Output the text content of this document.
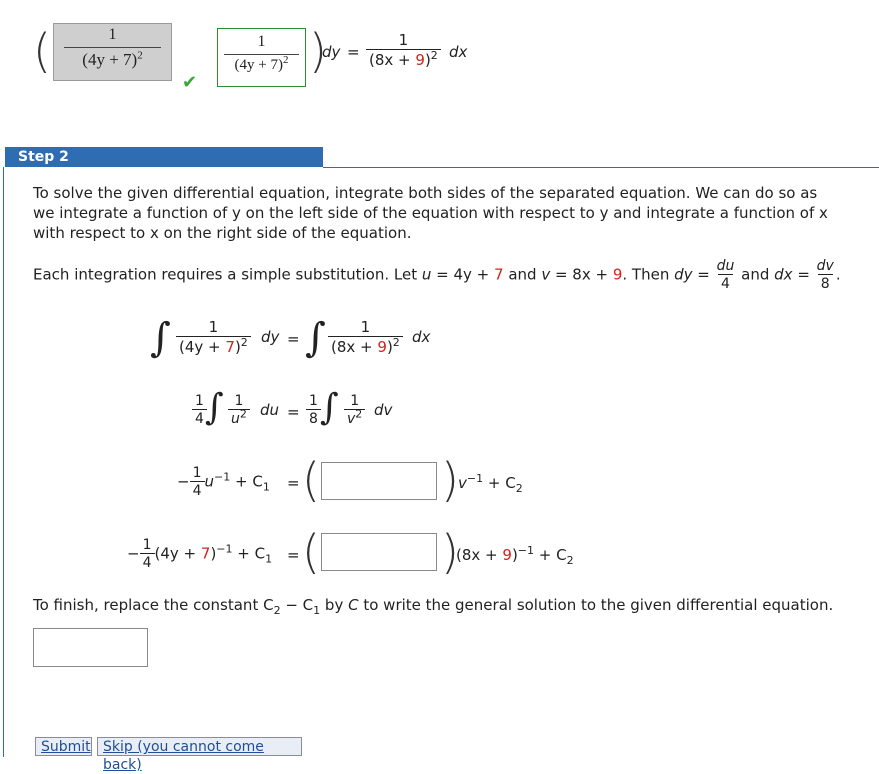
(	1
$(4y + 7)^2$
✔
1
$(4y + 7)^2$ )
dy = $\frac{1}{(8x + 9)^2}$ dx
Step 2
To solve the given differential equation, integrate both sides of the separated equation. We can do so as we integrate a function of y on the left side of the equation with respect to y and integrate a function of x with respect to x on the right side of the equation.
Each integration requires a simple substitution. Let u = 4y + 7 and v = 8x + 9. Then dy = $\frac{du}{4}$ and dx = $\frac{dv}{8}$ .
∫ $\frac{1}{(4y + 7)^2}$ dy = ∫ $\frac{1}{(8x + 9)^2}$ dx
$\frac{1}{4}$
∫ $\frac{1}{u^2}$ du = $\frac{1}{8}$ ∫ $\frac{1}{v^2}$ dv
− $\frac{1}{4} u^{-1} + C_1$ = (	) $v^{-1} + C_2$
− $\frac{1}{4} (4y + 7)^{-1} + C_1$ = (	)
$(8x + 9)^{-1} + C_2$
To finish, replace the constant $C_2 - C_1$ by C to write the general solution to the given differential equation.
Submit Skip (you cannot come back)
